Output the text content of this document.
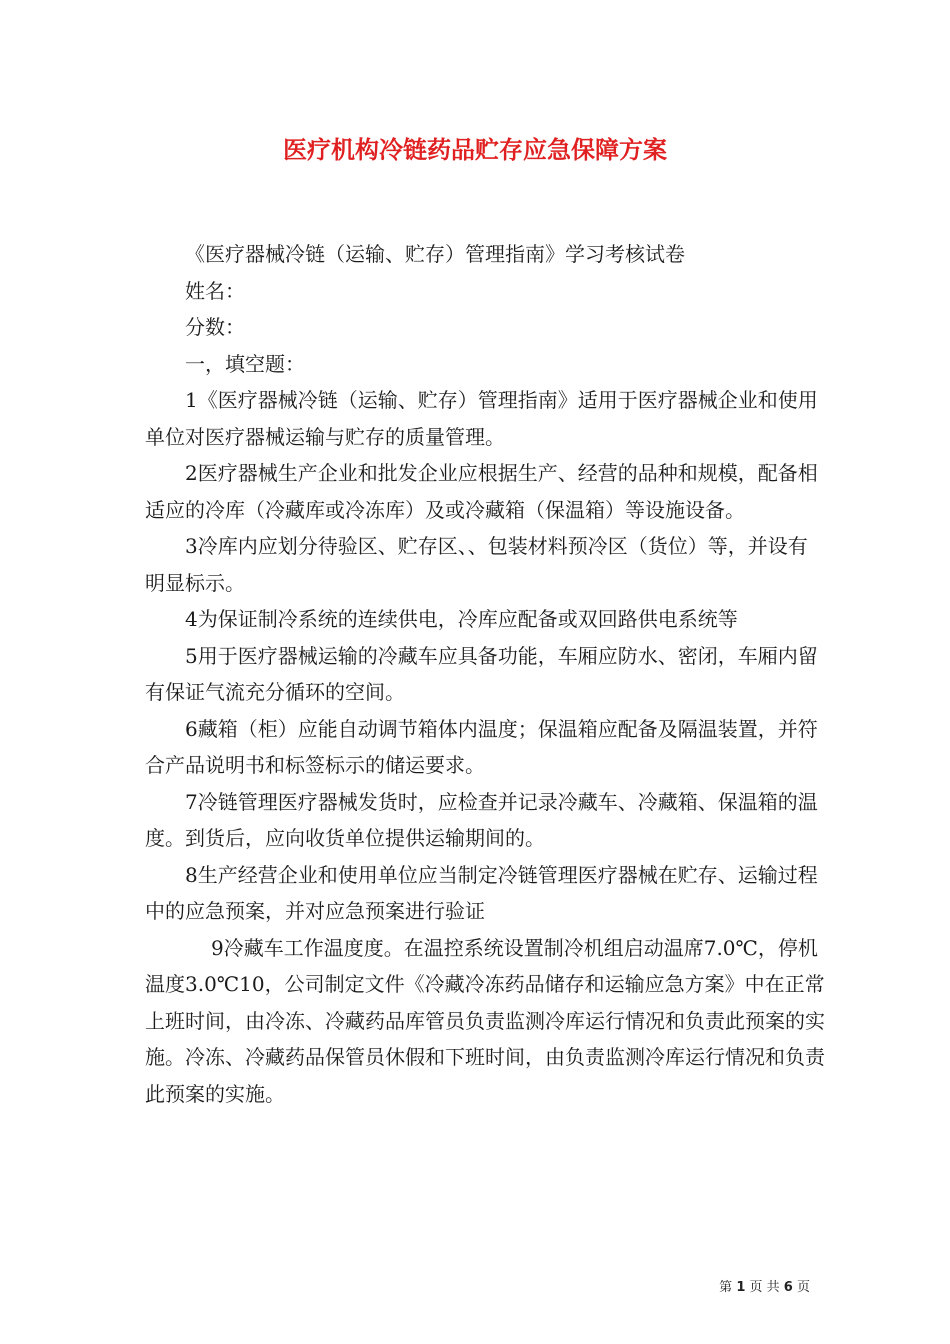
医疗机构冷链药品贮存应急保障方案

《医疗器械冷链（运输、贮存）管理指南》学习考核试卷

姓名：

分数：

一，填空题：

1《医疗器械冷链（运输、贮存）管理指南》适用于医疗器械企业和使用单位对医疗器械运输与贮存的质量管理。

2医疗器械生产企业和批发企业应根据生产、经营的品种和规模，配备相适应的冷库（冷藏库或冷冻库）及或冷藏箱（保温箱）等设施设备。

3冷库内应划分待验区、贮存区、、包装材料预冷区（货位）等，并设有明显标示。

4为保证制冷系统的连续供电，冷库应配备或双回路供电系统等

5用于医疗器械运输的冷藏车应具备功能，车厢应防水、密闭，车厢内留有保证气流充分循环的空间。

6藏箱（柜）应能自动调节箱体内温度；保温箱应配备及隔温装置，并符合产品说明书和标签标示的储运要求。

7冷链管理医疗器械发货时，应检查并记录冷藏车、冷藏箱、保温箱的温度。到货后，应向收货单位提供运输期间的。

8生产经营企业和使用单位应当制定冷链管理医疗器械在贮存、运输过程中的应急预案，并对应急预案进行验证

9冷藏车工作温度度。在温控系统设置制冷机组启动温席7.0℃，停机温度3.0℃10，公司制定文件《冷藏冷冻药品储存和运输应急方案》中在正常上班时间，由冷冻、冷藏药品库管员负责监测冷库运行情况和负责此预案的实施。冷冻、冷藏药品保管员休假和下班时间，由负责监测冷库运行情况和负责此预案的实施。

第 1 页 共 6 页
